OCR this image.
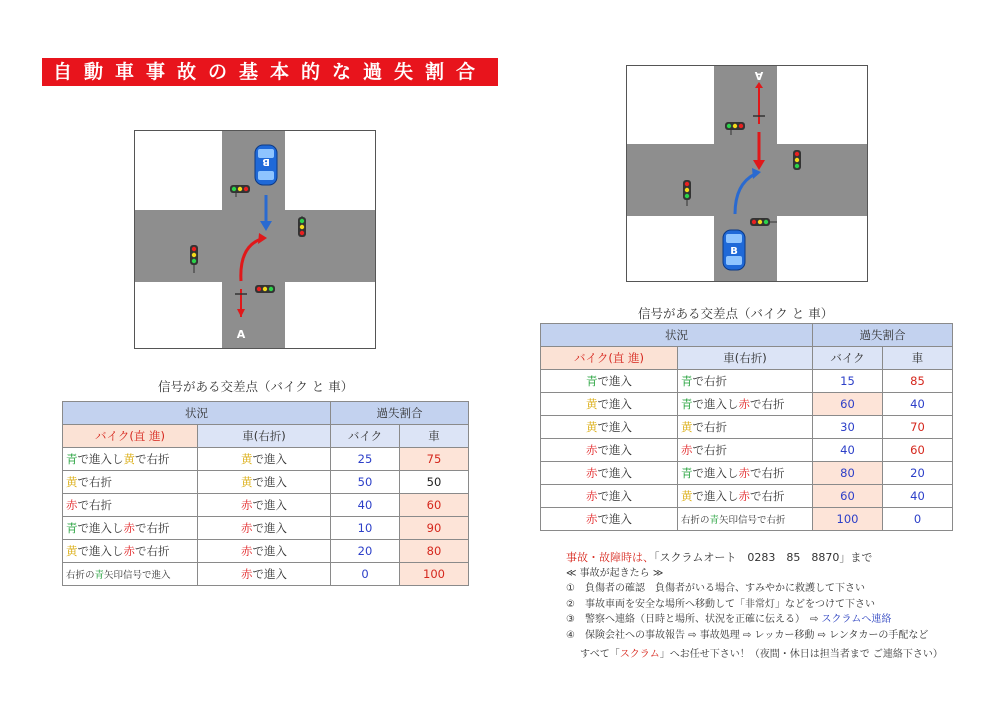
自動車事故の基本的な過失割合
B
A
A
B
信号がある交差点（バイク と 車）
状況		過失割合	
バイク(直 進)	車(右折)	バイク	車
青で進入し黄で右折	黄で進入	25	75
黄で右折	黄で進入	50	50
赤で右折	赤で進入	40	60
青で進入し赤で右折	赤で進入	10	90
黄で進入し赤で右折	赤で進入	20	80
右折の青矢印信号で進入	赤で進入	0	100
信号がある交差点（バイク と 車）
状況		過失割合	
バイク(直 進)	車(右折)	バイク	車
青で進入	青で右折	15	85
黄で進入	青で進入し赤で右折	60	40
黄で進入	黄で右折	30	70
赤で進入	赤で右折	40	60
赤で進入	青で進入し赤で右折	80	20
赤で進入	黄で進入し赤で右折	60	40
赤で進入	右折の青矢印信号で右折	100	0
事故・故障時は、「スクラムオート　0283　85　8870」まで
≪ 事故が起きたら ≫
①　負傷者の確認　負傷者がいる場合、すみやかに救護して下さい
②　事故車両を安全な場所へ移動して「非常灯」などをつけて下さい
③　警察へ連絡（日時と場所、状況を正確に伝える）　⇨ スクラムへ連絡
④　保険会社への事故報告 ⇨ 事故処理 ⇨ レッカー移動 ⇨ レンタカーの手配など
すべて「スクラム」へお任せ下さい！（夜間・休日は担当者まで ご連絡下さい）
